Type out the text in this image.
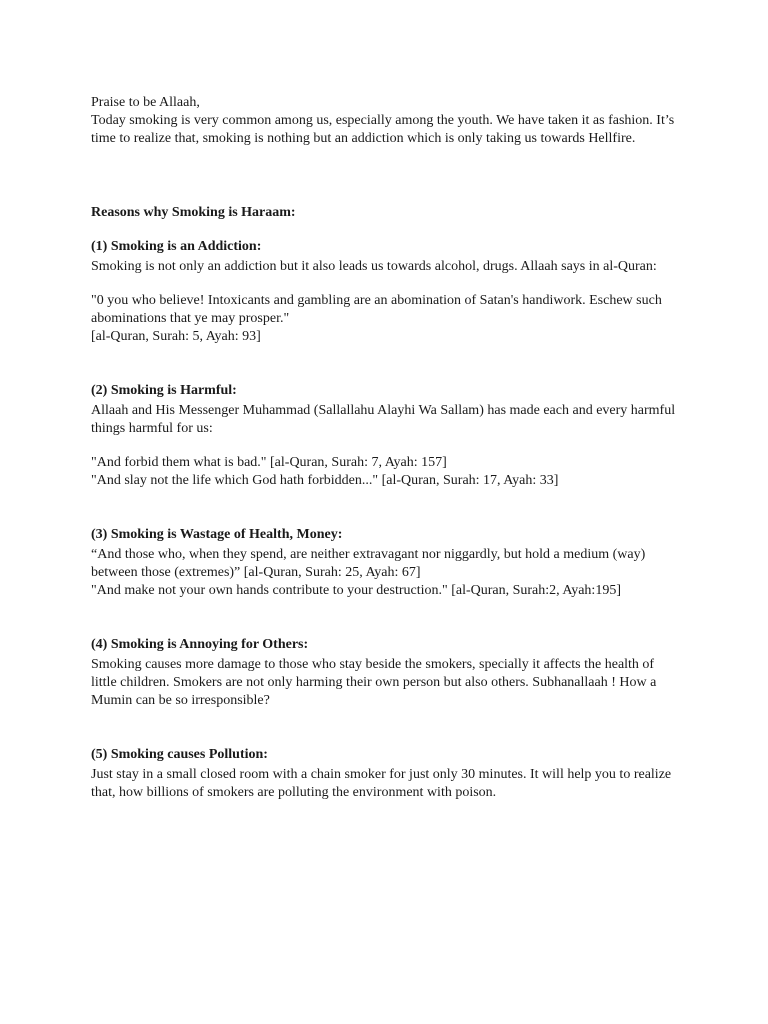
Praise to be Allaah,

Today smoking is very common among us, especially among the youth. We have taken it as fashion. It’s time to realize that, smoking is nothing but an addiction which is only taking us towards Hellfire.

Reasons why Smoking is Haraam:

(1) Smoking is an Addiction:

Smoking is not only an addiction but it also leads us towards alcohol, drugs. Allaah says in al-Quran:

"0 you who believe! Intoxicants and gambling are an abomination of Satan's handiwork. Eschew such abominations that ye may prosper."

[al-Quran, Surah: 5, Ayah: 93]

(2) Smoking is Harmful:

Allaah and His Messenger Muhammad (Sallallahu Alayhi Wa Sallam) has made each and every harmful things harmful for us:

"And forbid them what is bad." [al-Quran, Surah: 7, Ayah: 157]

"And slay not the life which God hath forbidden..." [al-Quran, Surah: 17, Ayah: 33]

(3) Smoking is Wastage of Health, Money:

“And those who, when they spend, are neither extravagant nor niggardly, but hold a medium (way) between those (extremes)” [al-Quran, Surah: 25, Ayah: 67]

"And make not your own hands contribute to your destruction." [al-Quran, Surah:2, Ayah:195]

(4) Smoking is Annoying for Others:

Smoking causes more damage to those who stay beside the smokers, specially it affects the health of little children. Smokers are not only harming their own person but also others. Subhanallaah ! How a Mumin can be so irresponsible?

(5) Smoking causes Pollution:

Just stay in a small closed room with a chain smoker for just only 30 minutes. It will help you to realize that, how billions of smokers are polluting the environment with poison.
